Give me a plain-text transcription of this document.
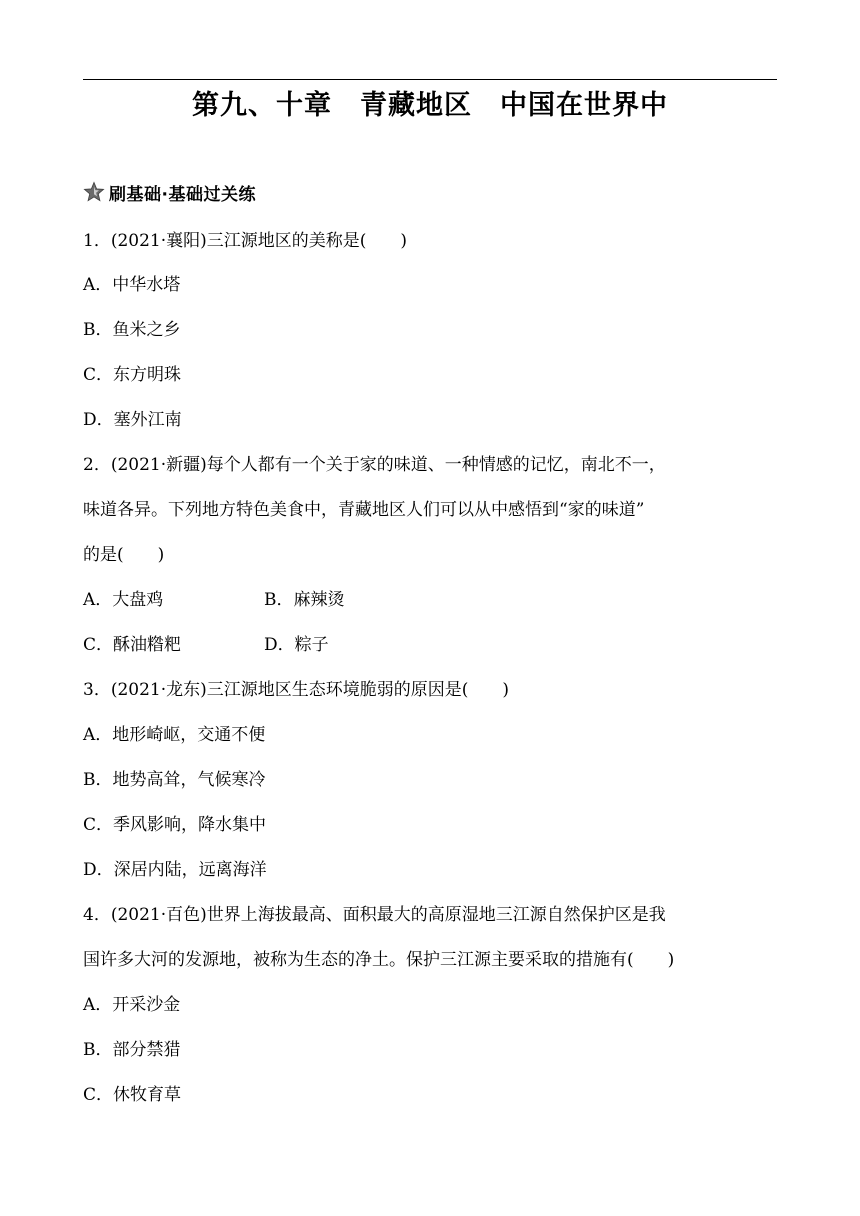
第九、十章　青藏地区　中国在世界中
刷基础·基础过关练
1．(2021·襄阳)三江源地区的美称是(　　)
A．中华水塔
B．鱼米之乡
C．东方明珠
D．塞外江南
2．(2021·新疆)每个人都有一个关于家的味道、一种情感的记忆，南北不一，
味道各异。下列地方特色美食中，青藏地区人们可以从中感悟到“家的味道”
的是(　　)
A．大盘鸡	B．麻辣烫
C．酥油糌粑	D．粽子
3．(2021·龙东)三江源地区生态环境脆弱的原因是(　　)
A．地形崎岖，交通不便
B．地势高耸，气候寒冷
C．季风影响，降水集中
D．深居内陆，远离海洋
4．(2021·百色)世界上海拔最高、面积最大的高原湿地三江源自然保护区是我
国许多大河的发源地，被称为生态的净土。保护三江源主要采取的措施有(　　)
A．开采沙金
B．部分禁猎
C．休牧育草
